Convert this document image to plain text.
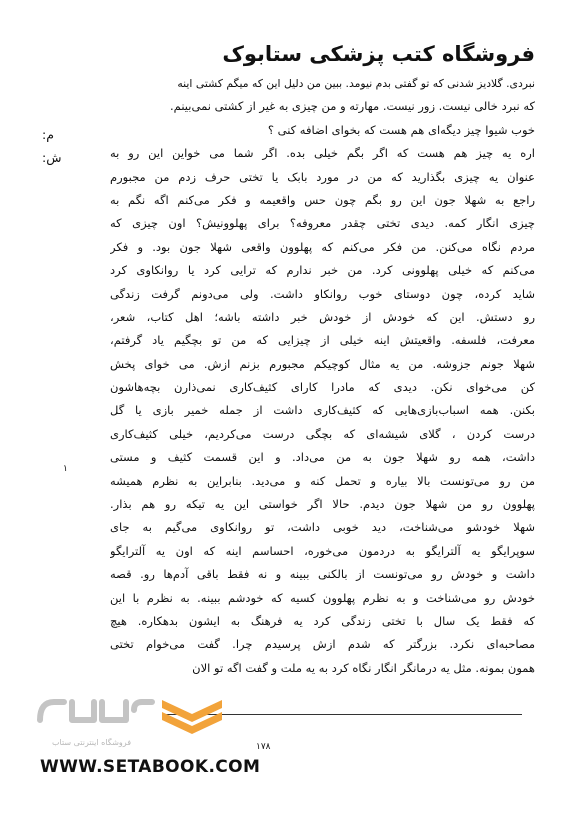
فروشگاه کتب پزشکی ستابوک
م:
ش:
نبردی. گلادیز شدنی که تو گفتی بدم نیومد. ببین من دلیل این که میگم کشتی اینه
که نبرد خالی نیست. زور نیست. مهارته و من چیزی به غیر از کشتی نمی‌بینم.
خوب شیوا چیز دیگه‌ای هم هست که بخوای اضافه کنی ؟
اره یه چیز هم هست که اگر بگم خیلی بده. اگر شما می خواین این رو به
عنوان یه چیزی بگذارید که من در مورد بابک یا تختی حرف زدم من مجبورم
راجع به شهلا جون این رو بگم چون حس واقعیمه و فکر می‌کنم اگه نگم به
چیزی انگار کمه. دیدی تختی چقدر معروفه؟ برای پهلوونیش؟ اون چیزی که
مردم نگاه می‌کنن. من فکر می‌کنم که پهلوون واقعی شهلا جون بود. و فکر
می‌کنم که خیلی پهلوونی کرد. من خبر ندارم که ترایی کرد یا روانکاوی کرد
شاید کرده، چون دوستای خوب روانکاو داشت. ولی می‌دونم گرفت زندگی
رو دستش. این که خودش از خودش خبر داشته باشه؛ اهل کتاب، شعر،
معرفت، فلسفه. واقعیتش اینه خیلی از چیزایی که من تو بچگیم یاد گرفتم،
شهلا جونم جزوشه. من یه مثال کوچیکم مجبورم بزنم ازش. می خوای پخش
کن می‌خوای نکن. دیدی که مادرا کارای کثیف‌کاری نمی‌ذارن بچه‌هاشون
بکنن. همه اسباب‌بازی‌هایی که کثیف‌کاری داشت از جمله خمیر بازی یا گل
درست کردن ، گلای شیشه‌ای که بچگی درست می‌کردیم، خیلی کثیف‌کاری
داشت، همه رو شهلا جون به من می‌داد. و این قسمت کثیف و مستی
من رو می‌تونست بالا بیاره و تحمل کنه و می‌دید. بنابراین به نظرم همیشه
پهلوون رو من شهلا جون دیدم. حالا اگر خواستی این یه تیکه رو هم بذار.
شهلا خودشو می‌شناخت، دید خوبی داشت، تو روانکاوی می‌گیم به جای
سوپرایگو یه آلترایگو به دردمون می‌خوره، احساسم اینه که اون یه آلترایگو
داشت و خودش رو می‌تونست از بالکنی ببینه و نه فقط باقی آدم‌ها رو. قصه
خودش رو می‌شناخت و به نظرم پهلوون کسیه که خودشم ببینه. به نظرم با این
که فقط یک سال با تختی زندگی کرد یه فرهنگ به ایشون بدهکاره. هیچ
مصاحبه‌ای نکرد. بزرگتر که شدم ازش پرسیدم چرا. گفت می‌خوام تختی
همون بمونه. مثل یه درمانگر انگار نگاه کرد به یه ملت و گفت اگه تو الان
۱
۱۷۸
فروشگاه اینترنتی ستاب
WWW.SETABOOK.COM
